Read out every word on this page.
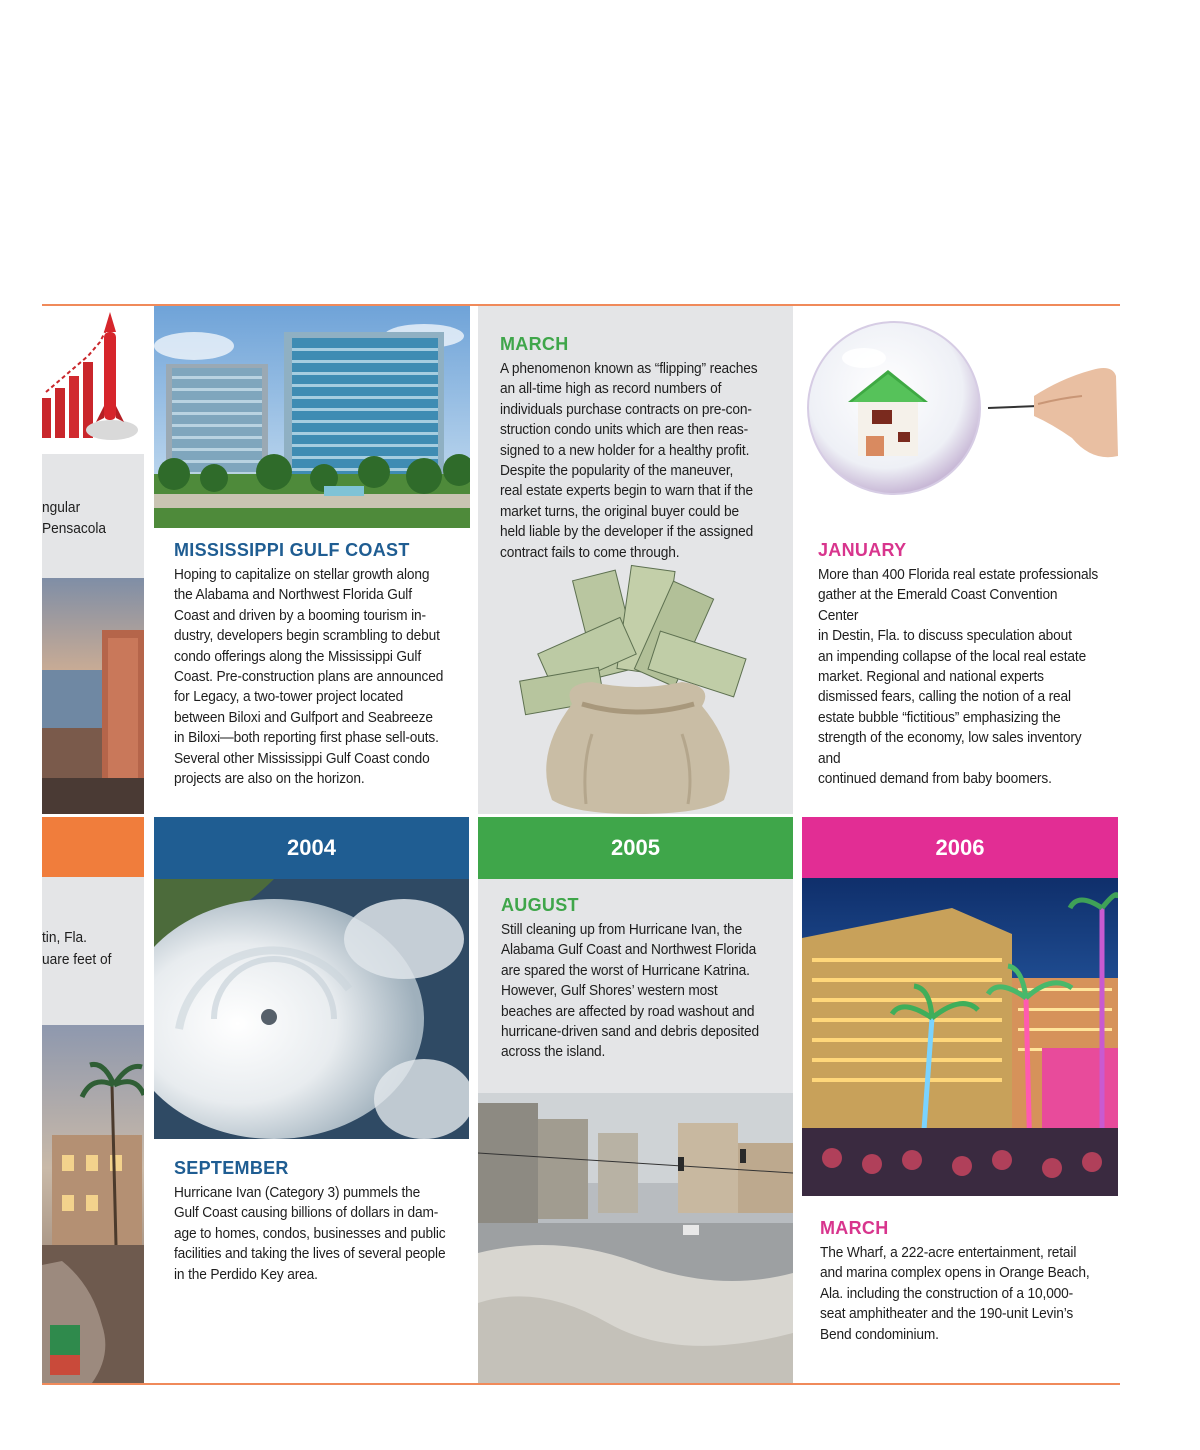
ngular
Pensacola
tin, Fla.
uare feet of
MISSISSIPPI GULF COAST

Hoping to capitalize on stellar growth along

the Alabama and Northwest Florida Gulf

Coast and driven by a booming tourism in-

dustry, developers begin scrambling to debut

condo offerings along the Mississippi Gulf

Coast. Pre-construction plans are announced

for Legacy, a two-tower project located

between Biloxi and Gulfport and Seabreeze

in Biloxi—both reporting first phase sell-outs.

Several other Mississippi Gulf Coast condo

projects are also on the horizon.

2004
SEPTEMBER

Hurricane Ivan (Category 3) pummels the

Gulf Coast causing billions of dollars in dam-

age to homes, condos, businesses and public

facilities and taking the lives of several people

in the Perdido Key area.

MARCH

A phenomenon known as “flipping” reaches

an all-time high as record numbers of

individuals purchase contracts on pre-con-

struction condo units which are then reas-

signed to a new holder for a healthy profit.

Despite the popularity of the maneuver,

real estate experts begin to warn that if the

market turns, the original buyer could be

held liable by the developer if the assigned

contract fails to come through.

2005
AUGUST

Still cleaning up from Hurricane Ivan, the

Alabama Gulf Coast and Northwest Florida

are spared the worst of Hurricane Katrina.

However, Gulf Shores’ western most

beaches are affected by road washout and

hurricane-driven sand and debris deposited

across the island.

JANUARY

More than 400 Florida real estate professionals

gather at the Emerald Coast Convention Center

in Destin, Fla. to discuss speculation about

an impending collapse of the local real estate

market. Regional and national experts

dismissed fears, calling the notion of a real

estate bubble “fictitious” emphasizing the

strength of the economy, low sales inventory and

continued demand from baby boomers.

2006
MARCH

The Wharf, a 222-acre entertainment, retail

and marina complex opens in Orange Beach,

Ala. including the construction of a 10,000-

seat amphitheater and the 190-unit Levin’s

Bend condominium.
